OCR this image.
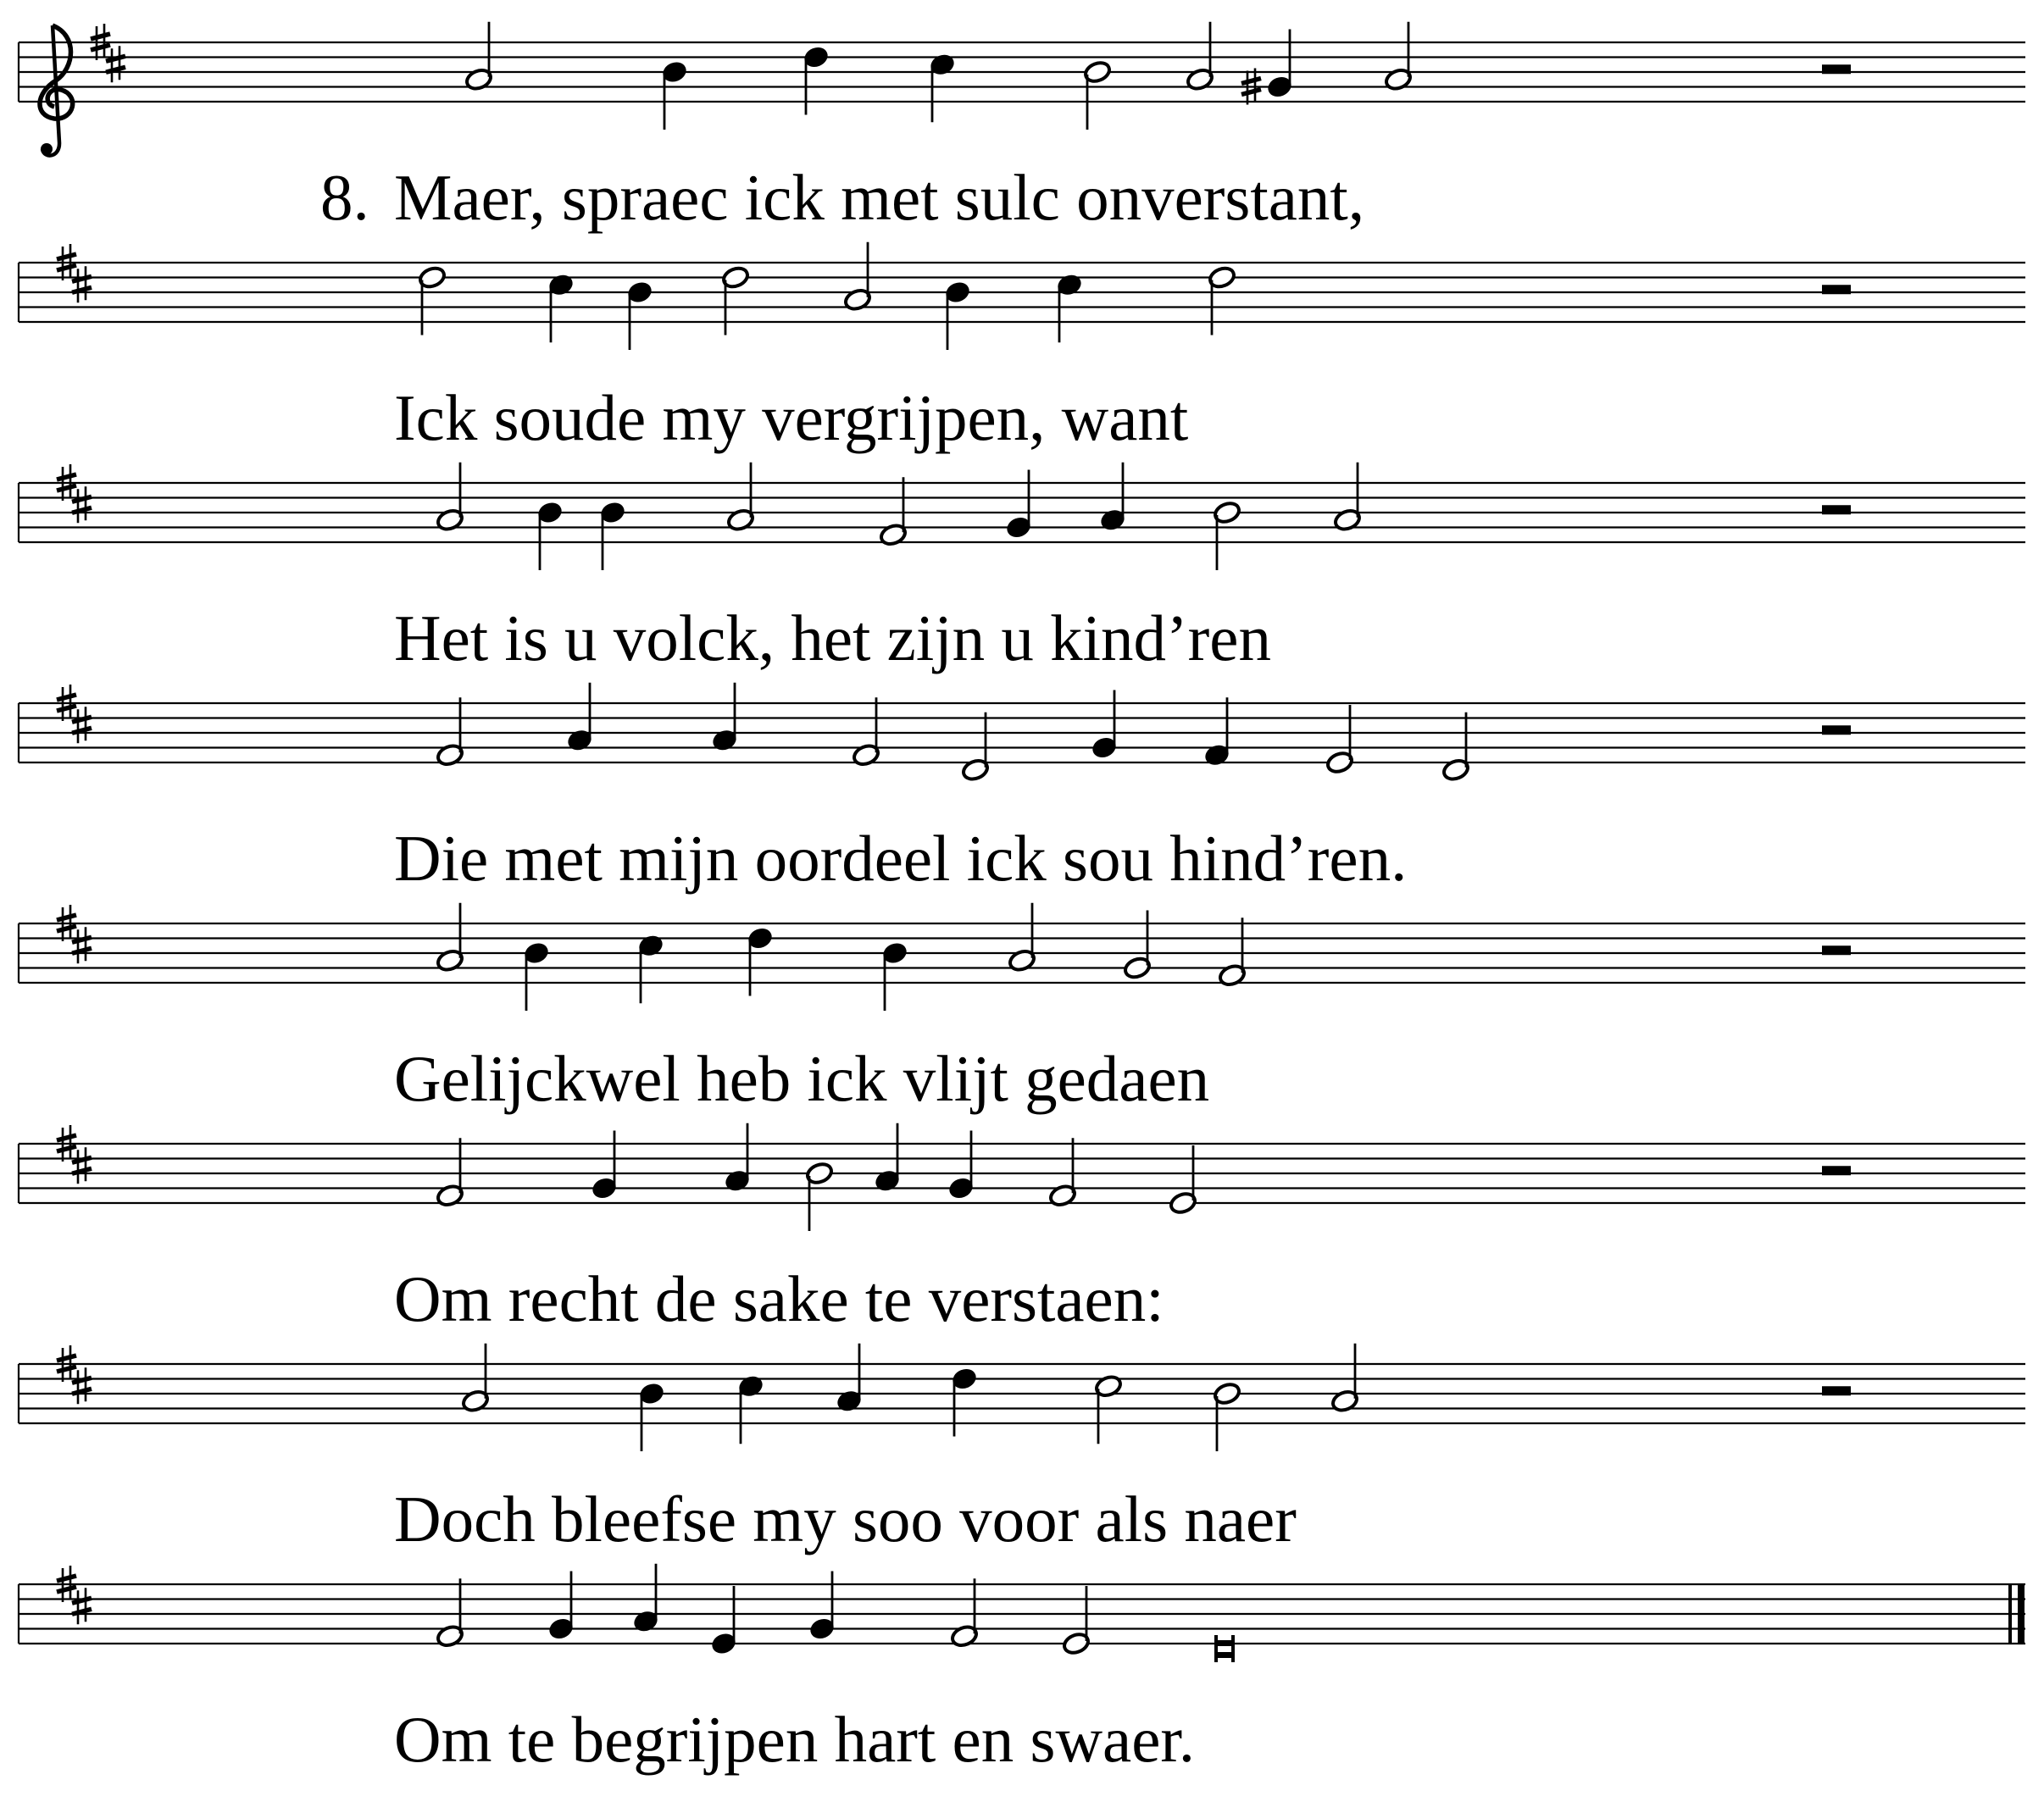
8. Maer, spraec ick met sulc onverstant,
Ick soude my vergrijpen, want
Het is u volck, het zijn u kind’ren
Die met mijn oordeel ick sou hind’ren.
Gelijckwel heb ick vlijt gedaen
Om recht de sake te verstaen:
Doch bleefse my soo voor als naer
Om te begrijpen hart en swaer.
